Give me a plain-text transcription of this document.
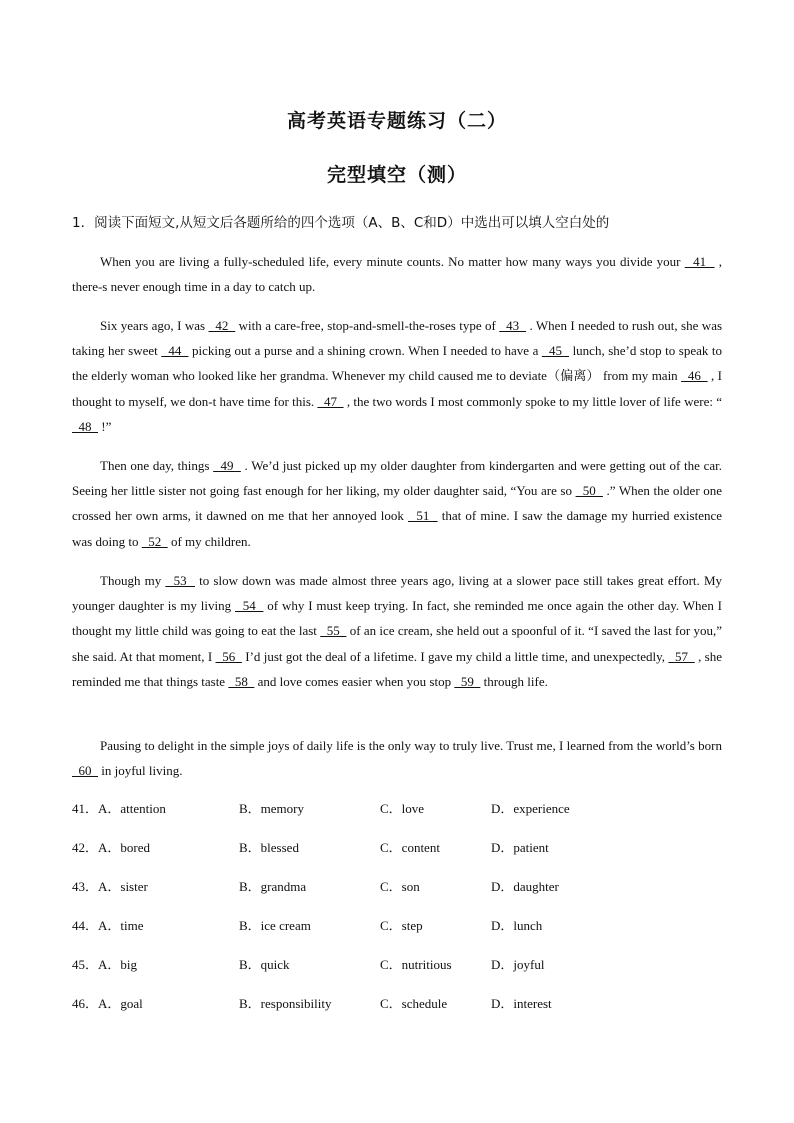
高考英语专题练习（二）
完型填空（测）
1．阅读下面短文,从短文后各题所给的四个选项（A、B、C和D）中选出可以填人空白处的
When you are living a fully-scheduled life, every minute counts. No matter how many ways you divide your   41   , there-s never enough time in a day to catch up.
Six years ago, I was   42   with a care-free, stop-and-smell-the-roses type of   43   . When I needed to rush out, she was taking her sweet   44   picking out a purse and a shining crown. When I needed to have a   45   lunch, she’d stop to speak to the elderly woman who looked like her grandma. Whenever my child caused me to deviate（偏离） from my main   46   , I thought to myself, we don-t have time for this.   47   , the two words I most commonly spoke to my little lover of life were: “   48   !”
Then one day, things   49   . We’d just picked up my older daughter from kindergarten and were getting out of the car. Seeing her little sister not going fast enough for her liking, my older daughter said, “You are so   50   .” When the older one crossed her own arms, it dawned on me that her annoyed look   51   that of mine. I saw the damage my hurried existence was doing to   52   of my children.
Though my   53   to slow down was made almost three years ago, living at a slower pace still takes great effort. My younger daughter is my living   54   of why I must keep trying. In fact, she reminded me once again the other day. When I thought my little child was going to eat the last   55   of an ice cream, she held out a spoonful of it. “I saved the last for you,” she said. At that moment, I   56   I’d just got the deal of a lifetime. I gave my child a little time, and unexpectedly,   57   , she reminded me that things taste   58   and love comes easier when you stop   59   through life.
Pausing to delight in the simple joys of daily life is the only way to truly live. Trust me, I learned from the world’s born   60   in joyful living.
41．A．attention	B．memory	C．love	D．experience
42．A．bored	B．blessed	C．content	D．patient
43．A．sister	B．grandma	C．son	D．daughter
44．A．time	B．ice cream	C．step	D．lunch
45．A．big	B．quick	C．nutritious	D．joyful
46．A．goal	B．responsibility	C．schedule	D．interest
